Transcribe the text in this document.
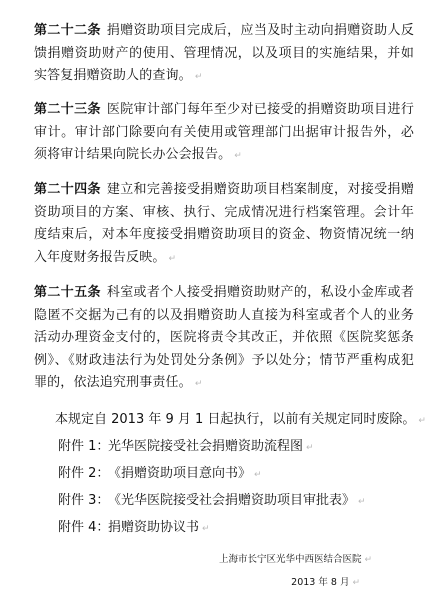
第二十二条 捐赠资助项目完成后，应当及时主动向捐赠资助人反馈捐赠资助财产的使用、管理情况，以及项目的实施结果，并如实答复捐赠资助人的查询。 ↵
第二十三条 医院审计部门每年至少对已接受的捐赠资助项目进行审计。审计部门除要向有关使用或管理部门出据审计报告外，必须将审计结果向院长办公会报告。 ↵
第二十四条 建立和完善接受捐赠资助项目档案制度，对接受捐赠资助项目的方案、审核、执行、完成情况进行档案管理。会计年度结束后，对本年度接受捐赠资助项目的资金、物资情况统一纳入年度财务报告反映。 ↵
第二十五条 科室或者个人接受捐赠资助财产的，私设小金库或者隐匿不交据为己有的以及捐赠资助人直接为科室或者个人的业务活动办理资金支付的，医院将责令其改正，并依照《医院奖惩条例》、《财政违法行为处罚处分条例》予以处分；情节严重构成犯罪的，依法追究刑事责任。 ↵
本规定自 2013 年 9 月 1 日起执行，以前有关规定同时废除。 ↵
附件 1：光华医院接受社会捐赠资助流程图 ↵
附件 2：《捐赠资助项目意向书》 ↵
附件 3：《光华医院接受社会捐赠资助项目审批表》 ↵
附件 4：捐赠资助协议书 ↵
上海市长宁区光华中西医结合医院 ↵
2013 年 8 月 ↵
